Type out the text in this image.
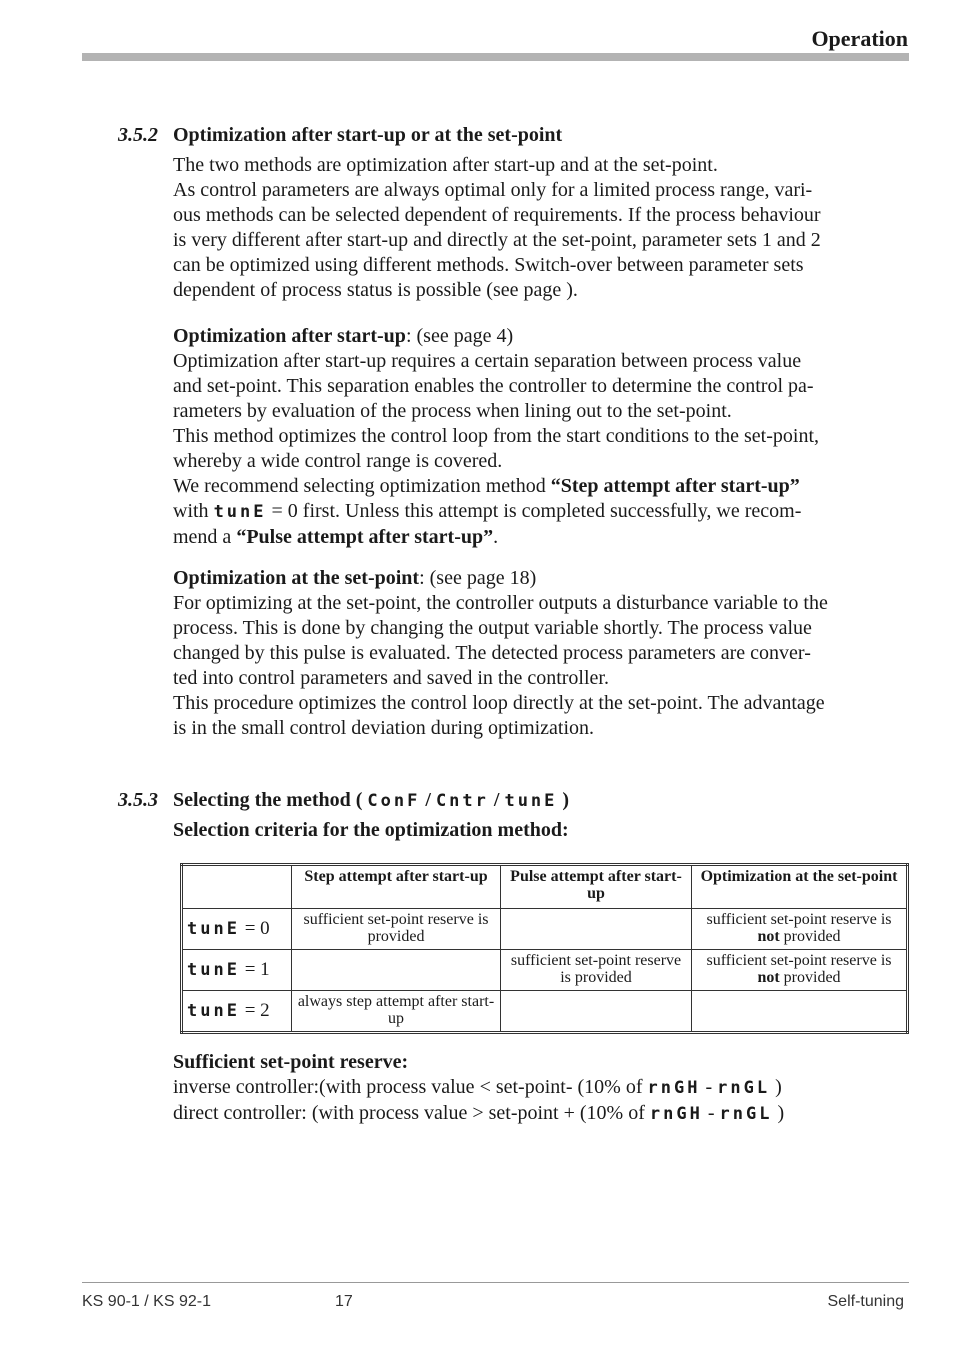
Operation
3.5.2 Optimization after start-up or at the set-point

The two methods are optimization after start-up and at the set-point.

As control parameters are always optimal only for a limited process range, vari-

ous methods can be selected dependent of requirements. If the process behaviour

is very different after start-up and directly at the set-point, parameter sets 1 and 2

can be optimized using different methods. Switch-over between parameter sets

dependent of process status is possible (see page ).

Optimization after start-up: (see page 4)

Optimization after start-up requires a certain separation between process value

and set-point. This separation enables the controller to determine the control pa-

rameters by evaluation of the process when lining out to the set-point.

This method optimizes the control loop from the start conditions to the set-point,

whereby a wide control range is covered.

We recommend selecting optimization method “Step attempt after start-up”

with tunE = 0 first. Unless this attempt is completed successfully, we recom-

mend a “Pulse attempt after start-up”.

Optimization at the set-point: (see page 18)

For optimizing at the set-point, the controller outputs a disturbance variable to the

process. This is done by changing the output variable shortly. The process value

changed by this pulse is evaluated. The detected process parameters are conver-

ted into control parameters and saved in the controller.

This procedure optimizes the control loop directly at the set-point. The advantage

is in the small control deviation during optimization.

3.5.3 Selecting the method ( ConF / Cntr / tunE )
Selection criteria for the optimization method:
	Step attempt after start-up	Pulse attempt after start-up	Optimization at the set-point
tunE = 0	sufficient set-point reserve is provided		sufficient set-point reserve is not provided
tunE = 1		sufficient set-point reserve is provided	sufficient set-point reserve is not provided
tunE = 2	always step attempt after start-up		

Sufficient set-point reserve:

inverse controller:(with process value < set-point- (10% of rnGH - rnGL )

direct controller: (with process value > set-point + (10% of rnGH - rnGL )

KS 90-1 / KS 92-1	17	Self-tuning
